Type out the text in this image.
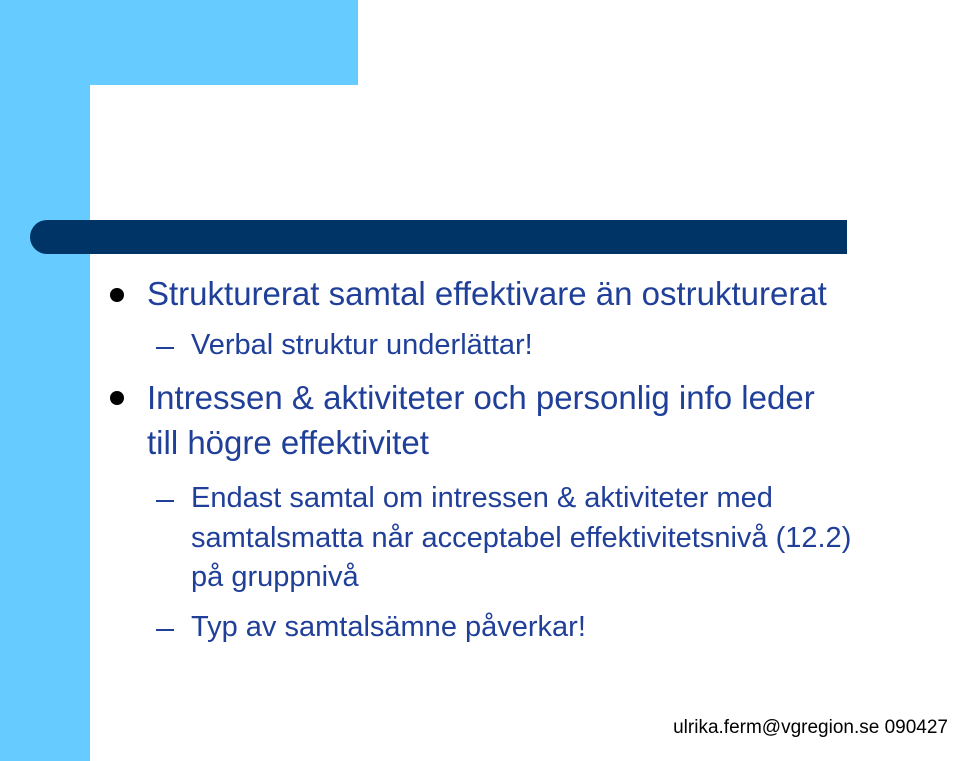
Strukturerat samtal effektivare än ostrukturerat
Verbal struktur underlättar!
Intressen & aktiviteter och personlig info leder
till högre effektivitet
Endast samtal om intressen & aktiviteter med
samtalsmatta når acceptabel effektivitetsnivå (12.2)
på gruppnivå
Typ av samtalsämne påverkar!
ulrika.ferm@vgregion.se 090427
